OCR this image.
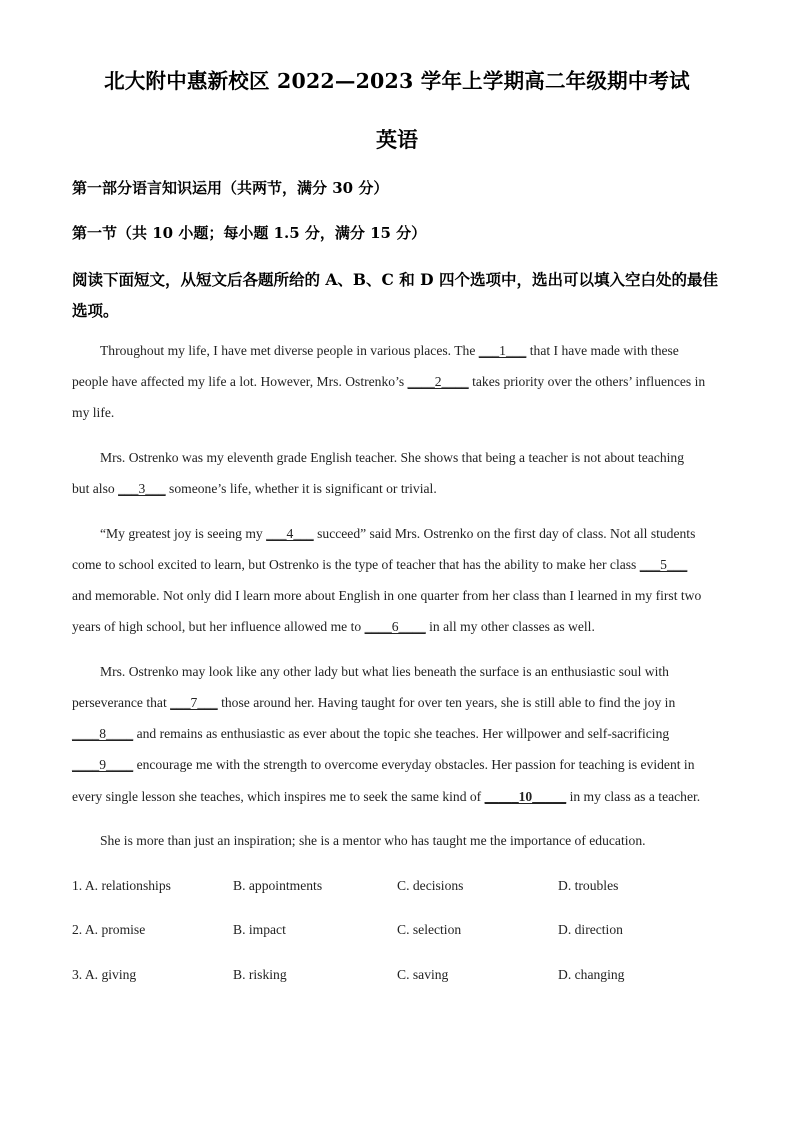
北大附中惠新校区 2022—2023 学年上学期高二年级期中考试
英语
第一部分语言知识运用（共两节，满分 30 分）
第一节（共 10 小题；每小题 1.5 分，满分 15 分）
阅读下面短文，从短文后各题所给的 A、B、C 和 D 四个选项中，选出可以填入空白处的最佳选项。
Throughout my life, I have met diverse people in various places. The ___1___ that I have made with these
people have affected my life a lot. However, Mrs. Ostrenko’s ____2____ takes priority over the others’ influences in
my life.
Mrs. Ostrenko was my eleventh grade English teacher. She shows that being a teacher is not about teaching
but also ___3___ someone’s life, whether it is significant or trivial.
“My greatest joy is seeing my ___4___ succeed” said Mrs. Ostrenko on the first day of class. Not all students
come to school excited to learn, but Ostrenko is the type of teacher that has the ability to make her class ___5___
and memorable. Not only did I learn more about English in one quarter from her class than I learned in my first two
years of high school, but her influence allowed me to ____6____ in all my other classes as well.
Mrs. Ostrenko may look like any other lady but what lies beneath the surface is an enthusiastic soul with
perseverance that ___7___ those around her. Having taught for over ten years, she is still able to find the joy in
____8____ and remains as enthusiastic as ever about the topic she teaches. Her willpower and self-sacrificing
____9____ encourage me with the strength to overcome everyday obstacles. Her passion for teaching is evident in
every single lesson she teaches, which inspires me to seek the same kind of _____10_____ in my class as a teacher.
She is more than just an inspiration; she is a mentor who has taught me the importance of education.
1. A. relationships	B. appointments	C. decisions	D. troubles
2. A. promise	B. impact	C. selection	D. direction
3. A. giving	B. risking	C. saving	D. changing
